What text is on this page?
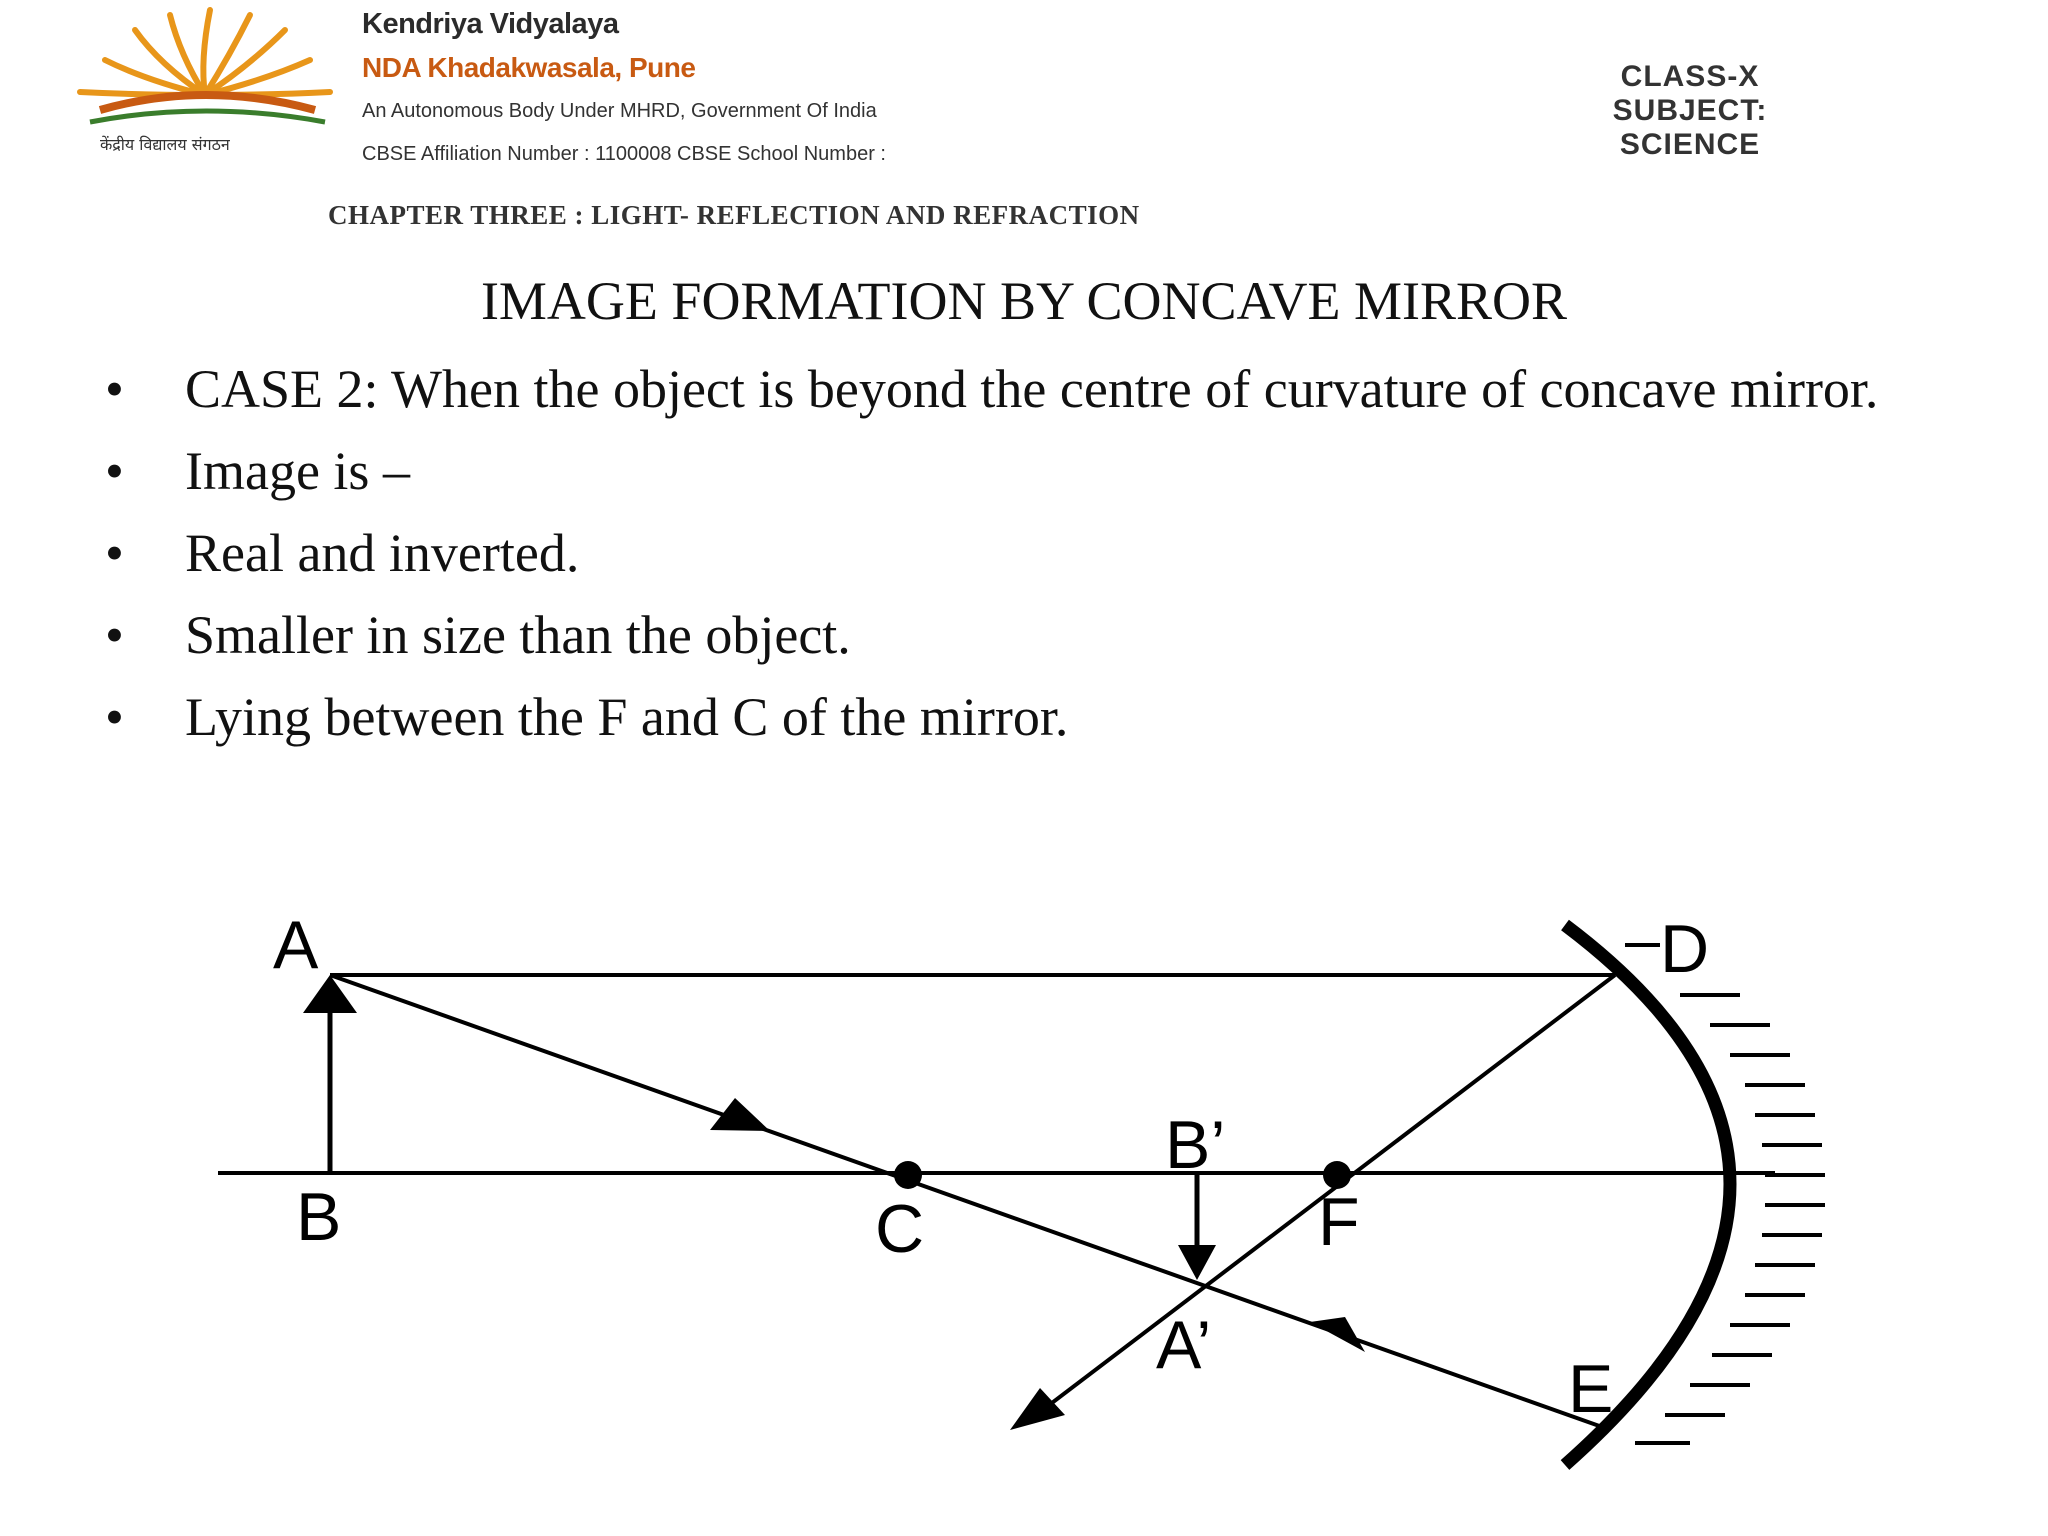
केंद्रीय विद्यालय संगठन
Kendriya Vidyalaya
NDA Khadakwasala, Pune
An Autonomous Body Under MHRD, Government Of India
CBSE Affiliation Number : 1100008 CBSE School Number :
CLASS-X
SUBJECT:
SCIENCE
CHAPTER THREE : LIGHT- REFLECTION AND REFRACTION
IMAGE FORMATION BY CONCAVE MIRROR
• CASE 2: When the object is beyond the centre of curvature of concave mirror.
• Image is –
• Real and inverted.
• Smaller in size than the object.
• Lying between the F and C of the mirror.
A
B	C	F
D
E
B’
A’
